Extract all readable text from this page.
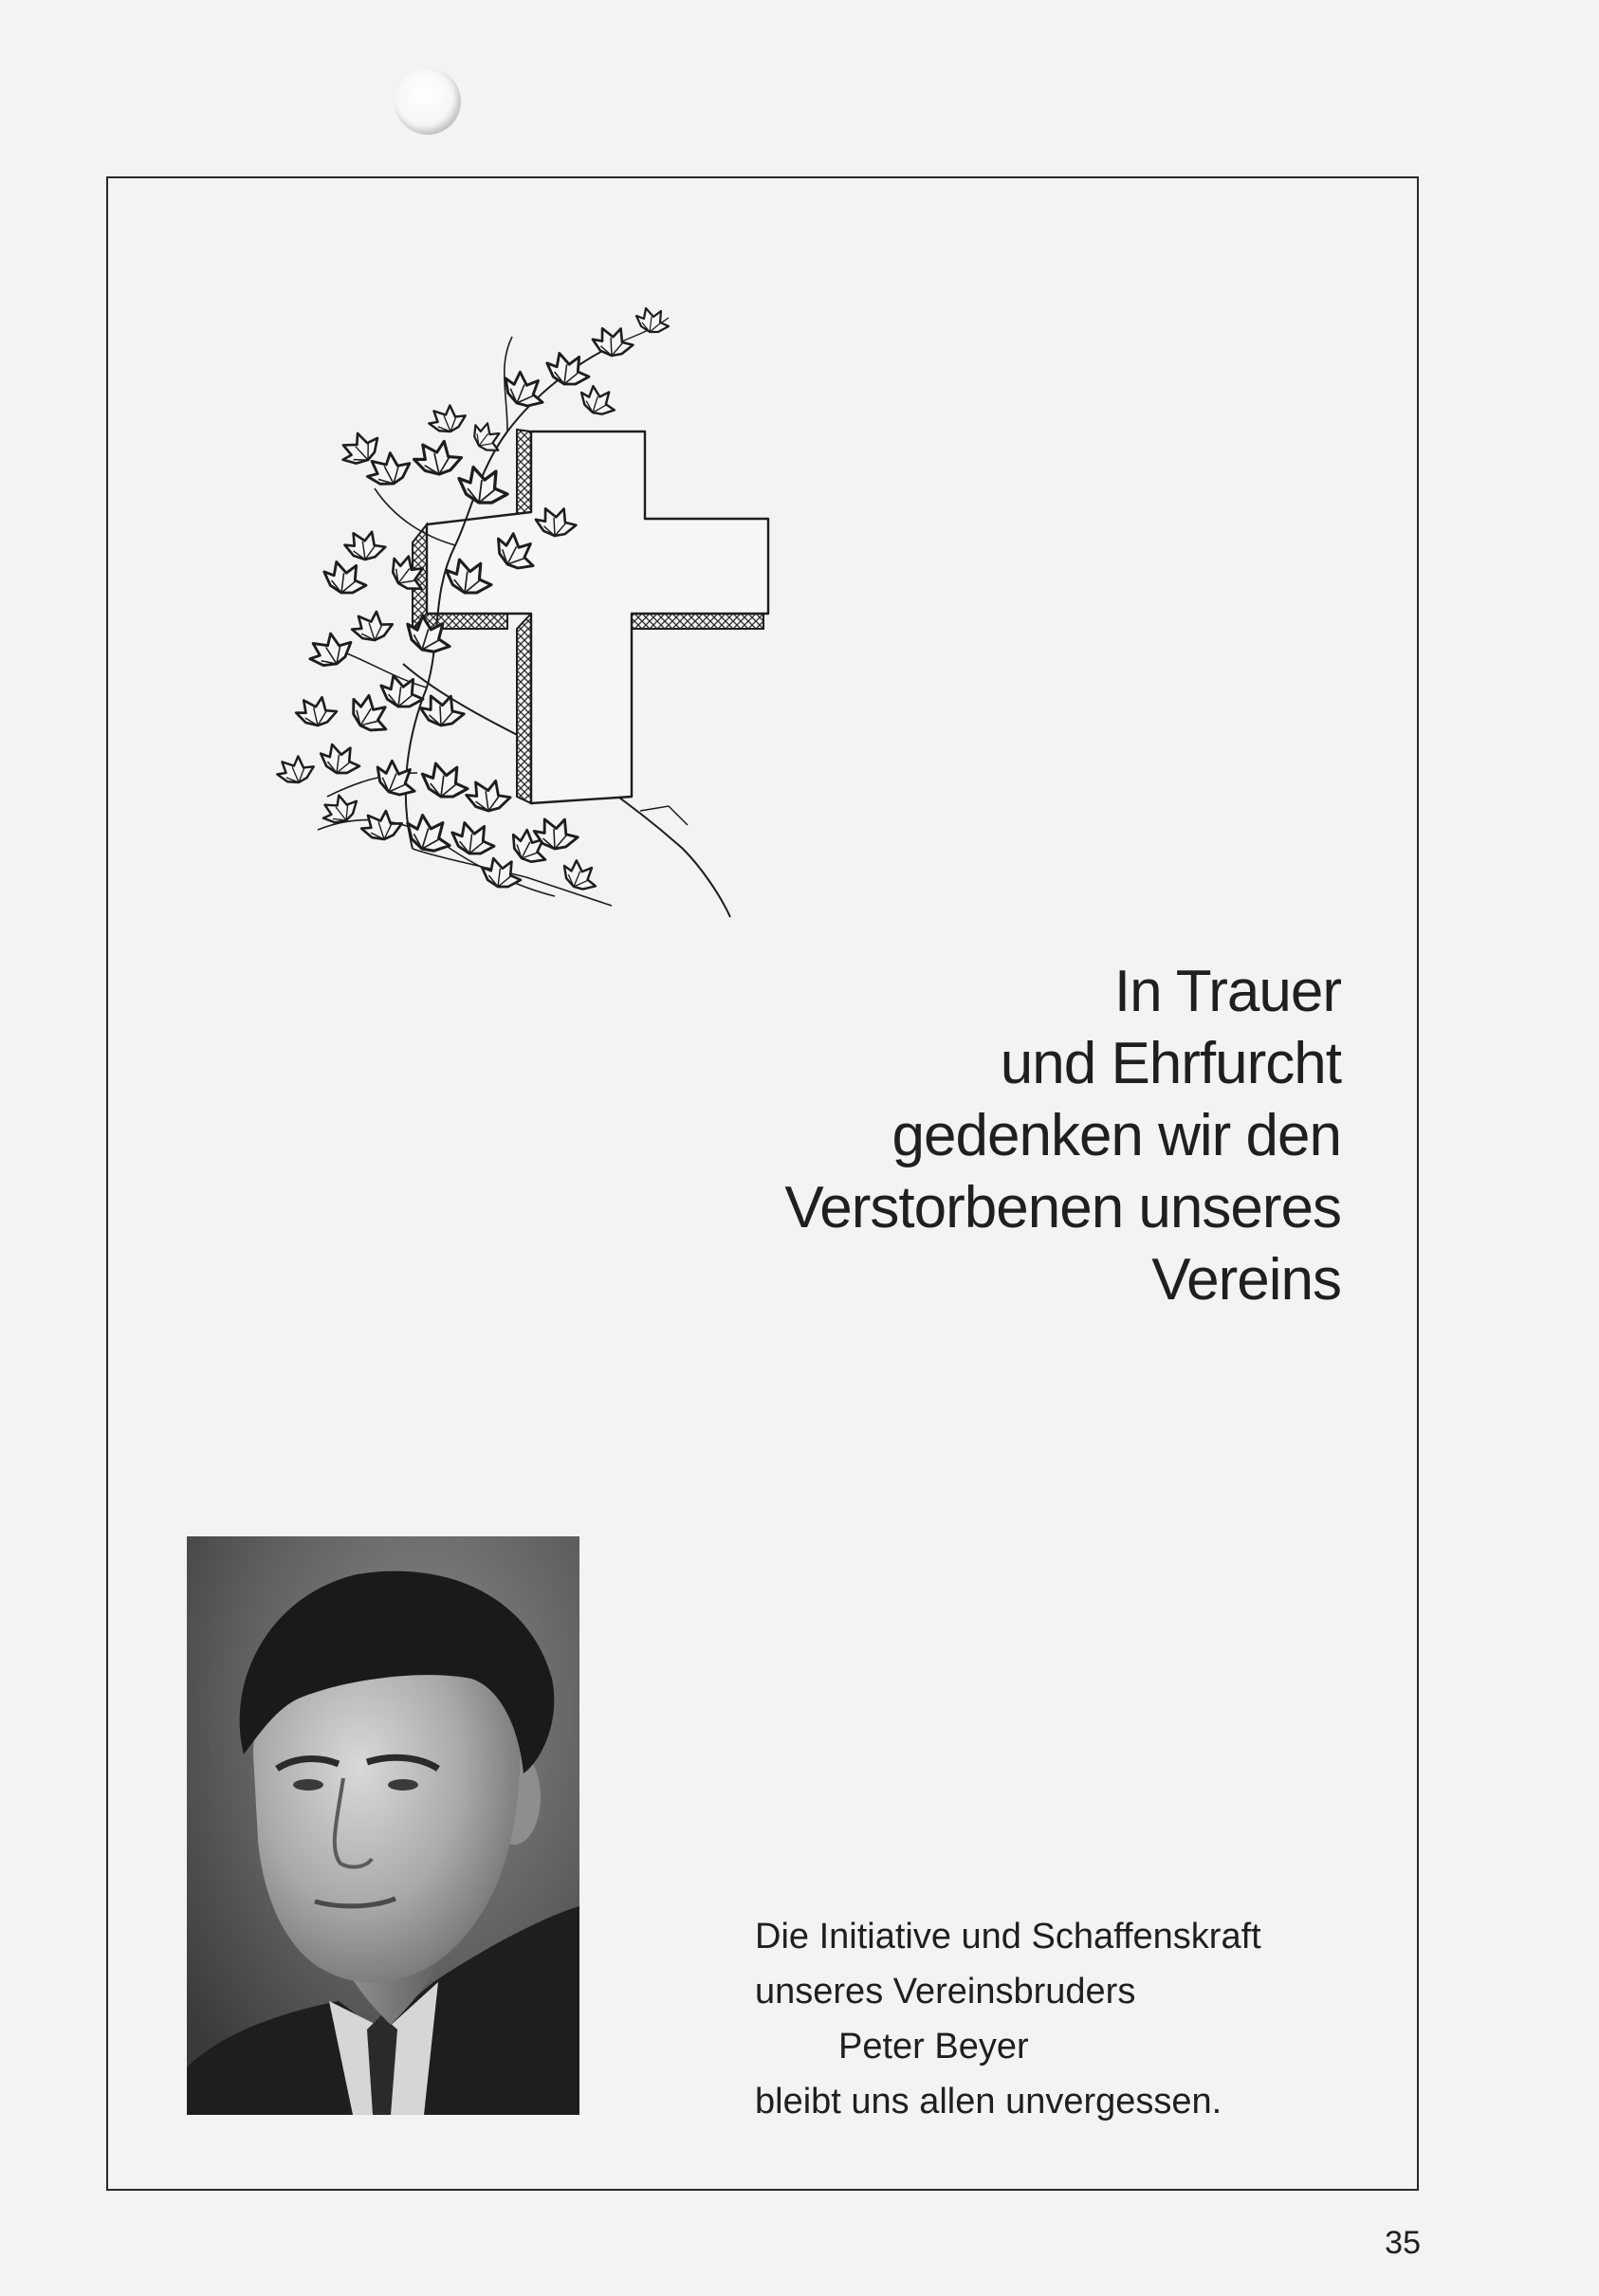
In Trauer
und Ehrfurcht
gedenken wir den
Verstorbenen unseres
Vereins
Die Initiative und Schaffenskraft
unseres Vereinsbruders
Peter Beyer
bleibt uns allen unvergessen.
35
